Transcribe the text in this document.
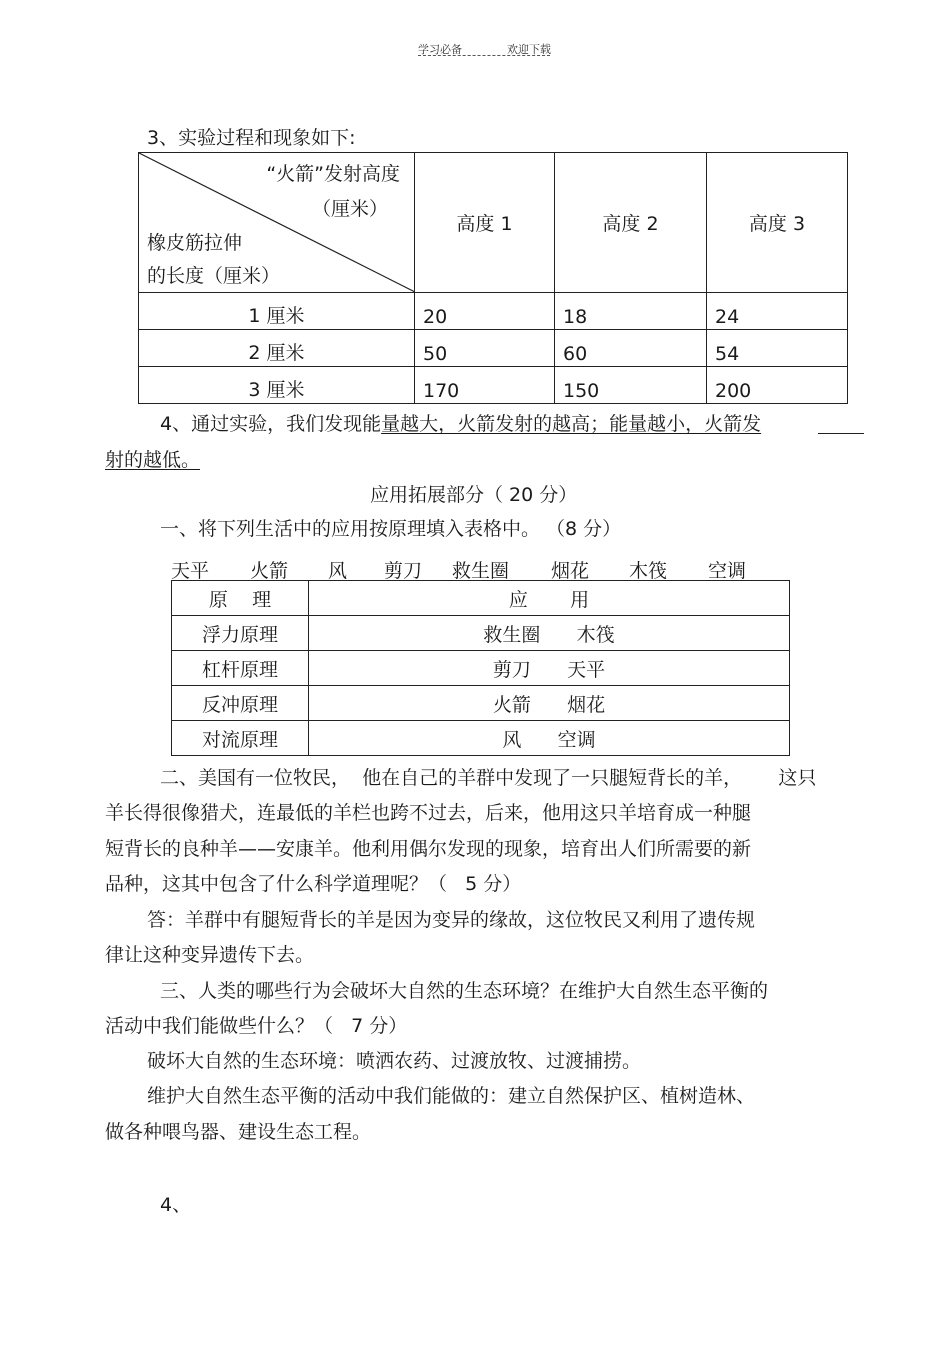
学习必备	欢迎下载
3、实验过程和现象如下:
“火箭”发射高度
（厘米）
橡皮筋拉伸
的长度（厘米）	高度 1	高度 2	高度 3
1 厘米	20	18	24
2 厘米	50	60	54
3 厘米	170	150	200
4、通过实验，我们发现能量越大，火箭发射的越高；能量越小，火箭发
射的越低。
应用拓展部分（ 20 分）
一、将下列生活中的应用按原理填入表格中。 （8 分）
天平 火箭 风 剪刀 救生圈 烟花 木筏 空调
原    理	应       用
浮力原理	救生圈      木筏
杠杆原理	剪刀      天平
反冲原理	火箭      烟花
对流原理	风      空调
二、美国有一位牧民，  他在自己的羊群中发现了一只腿短背长的羊，      这只
羊长得很像猎犬，连最低的羊栏也跨不过去，后来，他用这只羊培育成一种腿
短背长的良种羊——安康羊。他利用偶尔发现的现象，培育出人们所需要的新
品种，这其中包含了什么科学道理呢？（   5 分）
答：羊群中有腿短背长的羊是因为变异的缘故，这位牧民又利用了遗传规
律让这种变异遗传下去。
三、人类的哪些行为会破坏大自然的生态环境？在维护大自然生态平衡的
活动中我们能做些什么？（   7 分）
破坏大自然的生态环境：喷洒农药、过渡放牧、过渡捕捞。
维护大自然生态平衡的活动中我们能做的：建立自然保护区、植树造林、
做各种喂鸟器、建设生态工程。
4、
